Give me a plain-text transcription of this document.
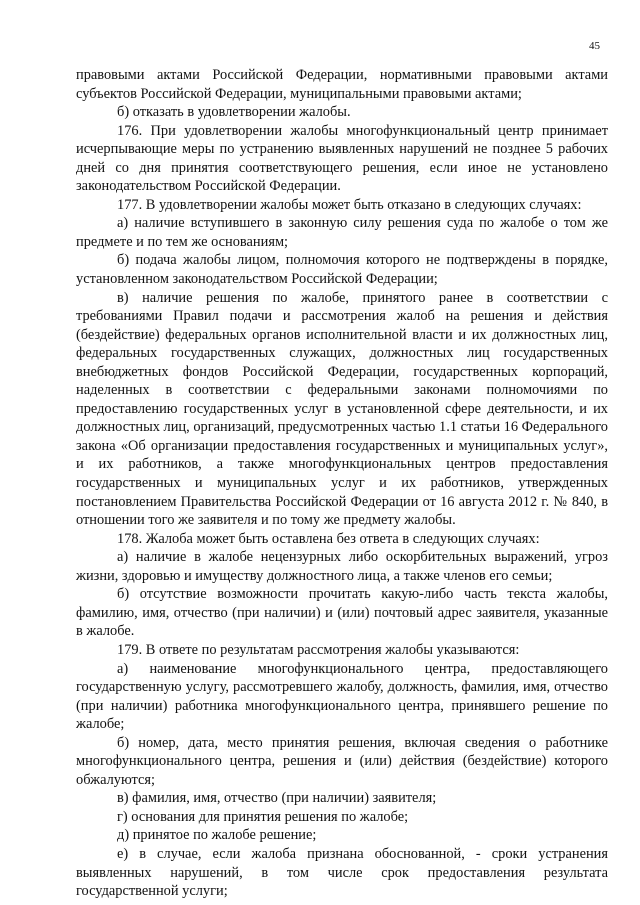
45

правовыми актами Российской Федерации, нормативными правовыми актами субъектов Российской Федерации, муниципальными правовыми актами;

б) отказать в удовлетворении жалобы.

176. При удовлетворении жалобы многофункциональный центр принимает исчерпывающие меры по устранению выявленных нарушений не позднее 5 рабочих дней со дня принятия соответствующего решения, если иное не установлено законодательством Российской Федерации.

177. В удовлетворении жалобы может быть отказано в следующих случаях:

а) наличие вступившего в законную силу решения суда по жалобе о том же предмете и по тем же основаниям;

б) подача жалобы лицом, полномочия которого не подтверждены в порядке, установленном законодательством Российской Федерации;

в) наличие решения по жалобе, принятого ранее в соответствии с требованиями Правил подачи и рассмотрения жалоб на решения и действия (бездействие) федеральных органов исполнительной власти и их должностных лиц, федеральных государственных служащих, должностных лиц государственных внебюджетных фондов Российской Федерации, государственных корпораций, наделенных в соответствии с федеральными законами полномочиями по предоставлению государственных услуг в установленной сфере деятельности, и их должностных лиц, организаций, предусмотренных частью 1.1 статьи 16 Федерального закона «Об организации предоставления государственных и муниципальных услуг», и их работников, а также многофункциональных центров предоставления государственных и муниципальных услуг и их работников, утвержденных постановлением Правительства Российской Федерации от 16 августа 2012 г. № 840, в отношении того же заявителя и по тому же предмету жалобы.

178. Жалоба может быть оставлена без ответа в следующих случаях:

а) наличие в жалобе нецензурных либо оскорбительных выражений, угроз жизни, здоровью и имуществу должностного лица, а также членов его семьи;

б) отсутствие возможности прочитать какую-либо часть текста жалобы, фамилию, имя, отчество (при наличии) и (или) почтовый адрес заявителя, указанные в жалобе.

179. В ответе по результатам рассмотрения жалобы указываются:

а) наименование многофункционального центра, предоставляющего государственную услугу, рассмотревшего жалобу, должность, фамилия, имя, отчество (при наличии) работника многофункционального центра, принявшего решение по жалобе;

б) номер, дата, место принятия решения, включая сведения о работнике многофункционального центра, решения и (или) действия (бездействие) которого обжалуются;

в) фамилия, имя, отчество (при наличии) заявителя;

г) основания для принятия решения по жалобе;

д) принятое по жалобе решение;

е) в случае, если жалоба признана обоснованной, - сроки устранения выявленных нарушений, в том числе срок предоставления результата государственной услуги;
